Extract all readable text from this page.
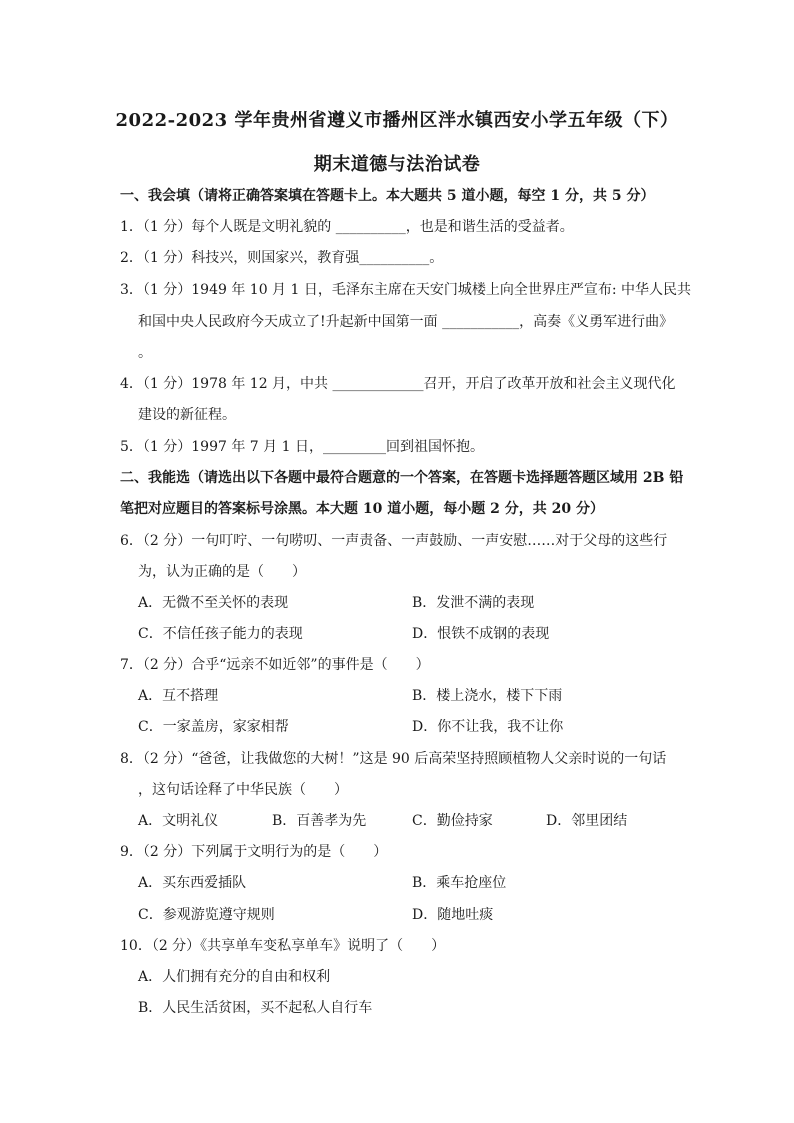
2022-2023 学年贵州省遵义市播州区泮水镇西安小学五年级（下）
期末道德与法治试卷
一、我会填（请将正确答案填在答题卡上。本大题共 5 道小题，每空 1 分，共 5 分）
1．（1 分）每个人既是文明礼貌的 __________，也是和谐生活的受益者。
2．（1 分）科技兴，则国家兴，教育强__________。
3．（1 分）1949 年 10 月 1 日，毛泽东主席在天安门城楼上向全世界庄严宣布: 中华人民共
和国中央人民政府今天成立了!升起新中国第一面 ___________，高奏《义勇军进行曲》
。
4．（1 分）1978 年 12 月，中共 _____________召开，开启了改革开放和社会主义现代化
建设的新征程。
5．（1 分）1997 年 7 月 1 日，_________回到祖国怀抱。
二、我能选（请选出以下各题中最符合题意的一个答案，在答题卡选择题答题区域用 2B 铅
笔把对应题目的答案标号涂黑。本大题 10 道小题，每小题 2 分，共 20 分）
6．（2 分）一句叮咛、一句唠叨、一声责备、一声鼓励、一声安慰……对于父母的这些行
为，认为正确的是（　　）
A．无微不至关怀的表现	B．发泄不满的表现
C．不信任孩子能力的表现	D．恨铁不成钢的表现
7．（2 分）合乎“远亲不如近邻”的事件是（　　）
A．互不搭理	B．楼上浇水，楼下下雨
C．一家盖房，家家相帮	D．你不让我，我不让你
8．（2 分）“爸爸，让我做您的大树！”这是 90 后高荣坚持照顾植物人父亲时说的一句话
，这句话诠释了中华民族（　　）
A．文明礼仪	B．百善孝为先	C．勤俭持家	D．邻里团结
9．（2 分）下列属于文明行为的是（　　）
A．买东西爱插队	B．乘车抢座位
C．参观游览遵守规则	D．随地吐痰
10．（2 分）《共享单车变私享单车》说明了（　　）
A．人们拥有充分的自由和权利
B．人民生活贫困，买不起私人自行车
